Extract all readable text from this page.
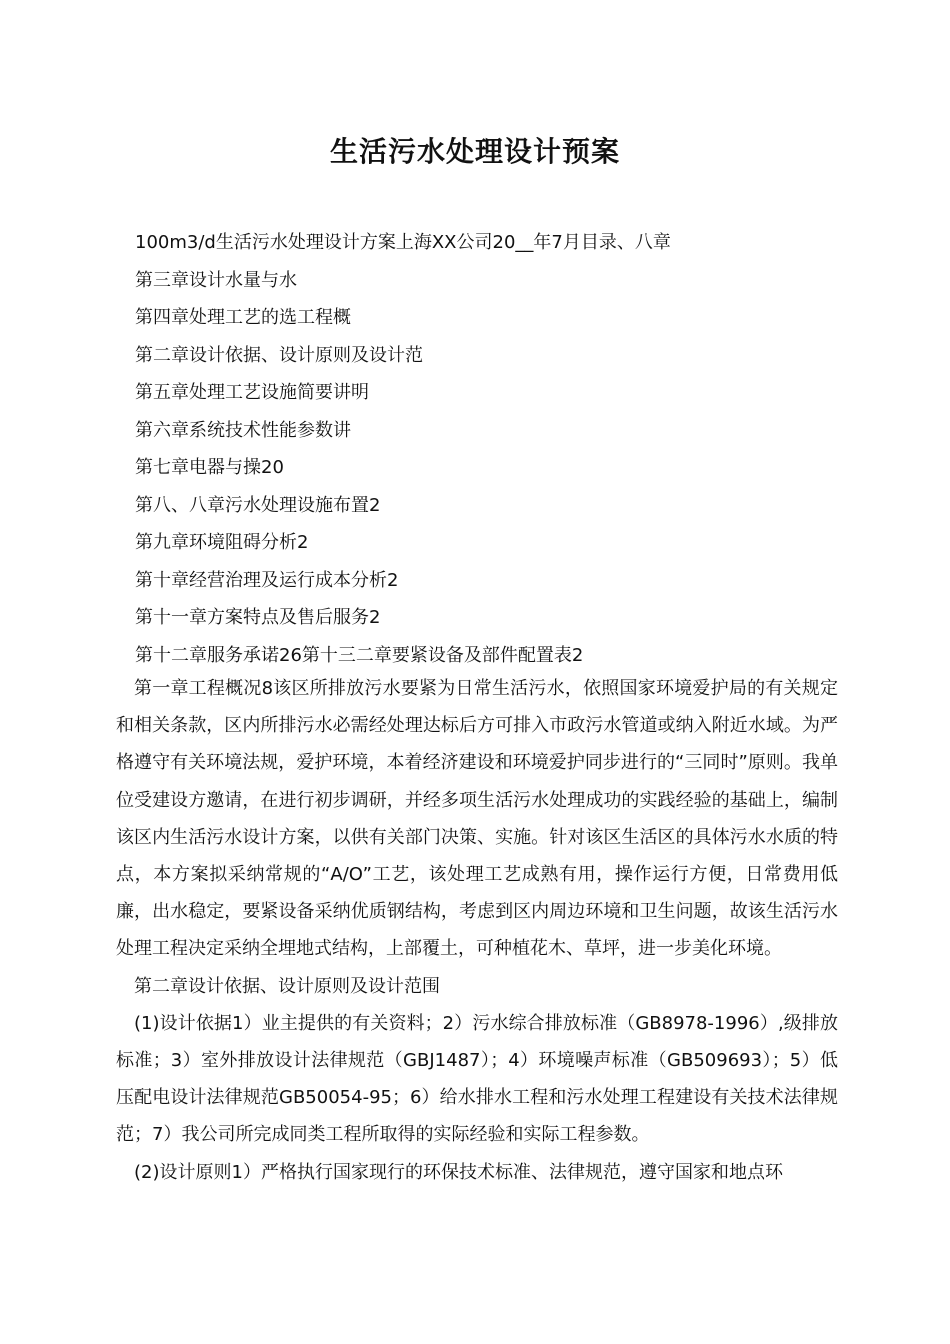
生活污水处理设计预案
100m3/d生活污水处理设计方案上海XX公司20__年7月目录、八章
第三章设计水量与水
第四章处理工艺的选工程概
第二章设计依据、设计原则及设计范
第五章处理工艺设施简要讲明
第六章系统技术性能参数讲
第七章电器与操20
第八、八章污水处理设施布置2
第九章环境阻碍分析2
第十章经营治理及运行成本分析2
第十一章方案特点及售后服务2
第十二章服务承诺26第十三二章要紧设备及部件配置表2

第一章工程概况8该区所排放污水要紧为日常生活污水，依照国家环境爱护局的有关规定和相关条款，区内所排污水必需经处理达标后方可排入市政污水管道或纳入附近水域。为严格遵守有关环境法规，爱护环境，本着经济建设和环境爱护同步进行的“三同时”原则。我单位受建设方邀请，在进行初步调研，并经多项生活污水处理成功的实践经验的基础上，编制该区内生活污水设计方案，以供有关部门决策、实施。针对该区生活区的具体污水水质的特点，本方案拟采纳常规的“A/O”工艺，该处理工艺成熟有用，操作运行方便，日常费用低廉，出水稳定，要紧设备采纳优质钢结构，考虑到区内周边环境和卫生问题，故该生活污水处理工程决定采纳全埋地式结构，上部覆土，可种植花木、草坪，进一步美化环境。

第二章设计依据、设计原则及设计范围

(1)设计依据1）业主提供的有关资料；2）污水综合排放标准（GB8978-1996）,级排放标准；3）室外排放设计法律规范（GBJ1487）；4）环境噪声标准（GB509693）；5）低压配电设计法律规范GB50054-95；6）给水排水工程和污水处理工程建设有关技术法律规范；7）我公司所完成同类工程所取得的实际经验和实际工程参数。

(2)设计原则1）严格执行国家现行的环保技术标准、法律规范，遵守国家和地点环
